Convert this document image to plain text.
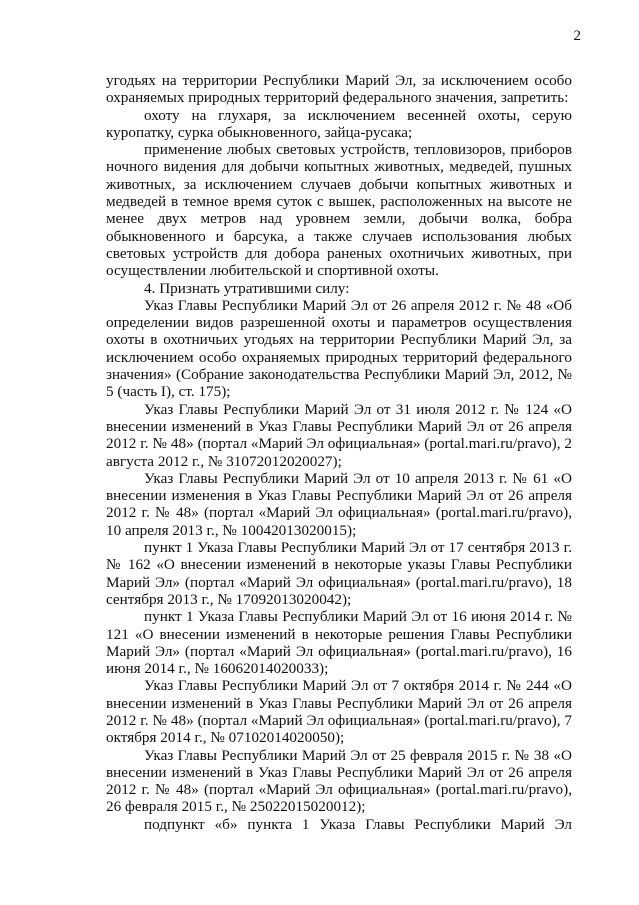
2

угодьях на территории Республики Марий Эл, за исключением особо охраняемых природных территорий федерального значения, запретить:

охоту на глухаря, за исключением весенней охоты, серую куропатку, сурка обыкновенного, зайца-русака;

применение любых световых устройств, тепловизоров, приборов ночного видения для добычи копытных животных, медведей, пушных животных, за исключением случаев добычи копытных животных и медведей в темное время суток с вышек, расположенных на высоте не менее двух метров над уровнем земли, добычи волка, бобра обыкновенного и барсука, а также случаев использования любых световых устройств для добора раненых охотничьих животных, при осуществлении любительской и спортивной охоты.

4. Признать утратившими силу:

Указ Главы Республики Марий Эл от 26 апреля 2012 г. № 48 «Об определении видов разрешенной охоты и параметров осуществления охоты в охотничьих угодьях на территории Республики Марий Эл, за исключением особо охраняемых природных территорий федерального значения» (Собрание законодательства Республики Марий Эл, 2012, № 5 (часть I), ст. 175);

Указ Главы Республики Марий Эл от 31 июля 2012 г. № 124 «О внесении изменений в Указ Главы Республики Марий Эл от 26 апреля 2012 г. № 48» (портал «Марий Эл официальная» (portal.mari.ru/pravo), 2 августа 2012 г., № 31072012020027);

Указ Главы Республики Марий Эл от 10 апреля 2013 г. № 61 «О внесении изменения в Указ Главы Республики Марий Эл от 26 апреля 2012 г. № 48» (портал «Марий Эл официальная» (portal.mari.ru/pravo), 10 апреля 2013 г., № 10042013020015);

пункт 1 Указа Главы Республики Марий Эл от 17 сентября 2013 г. № 162 «О внесении изменений в некоторые указы Главы Республики Марий Эл» (портал «Марий Эл официальная» (portal.mari.ru/pravo), 18 сентября 2013 г., № 17092013020042);

пункт 1 Указа Главы Республики Марий Эл от 16 июня 2014 г. № 121 «О внесении изменений в некоторые решения Главы Республики Марий Эл» (портал «Марий Эл официальная» (portal.mari.ru/pravo), 16 июня 2014 г., № 16062014020033);

Указ Главы Республики Марий Эл от 7 октября 2014 г. № 244 «О внесении изменений в Указ Главы Республики Марий Эл от 26 апреля 2012 г. № 48» (портал «Марий Эл официальная» (portal.mari.ru/pravo), 7 октября 2014 г., № 07102014020050);

Указ Главы Республики Марий Эл от 25 февраля 2015 г. № 38 «О внесении изменений в Указ Главы Республики Марий Эл от 26 апреля 2012 г. № 48» (портал «Марий Эл официальная» (portal.mari.ru/pravo), 26 февраля 2015 г., № 25022015020012);

подпункт «б» пункта 1 Указа Главы Республики Марий Эл
